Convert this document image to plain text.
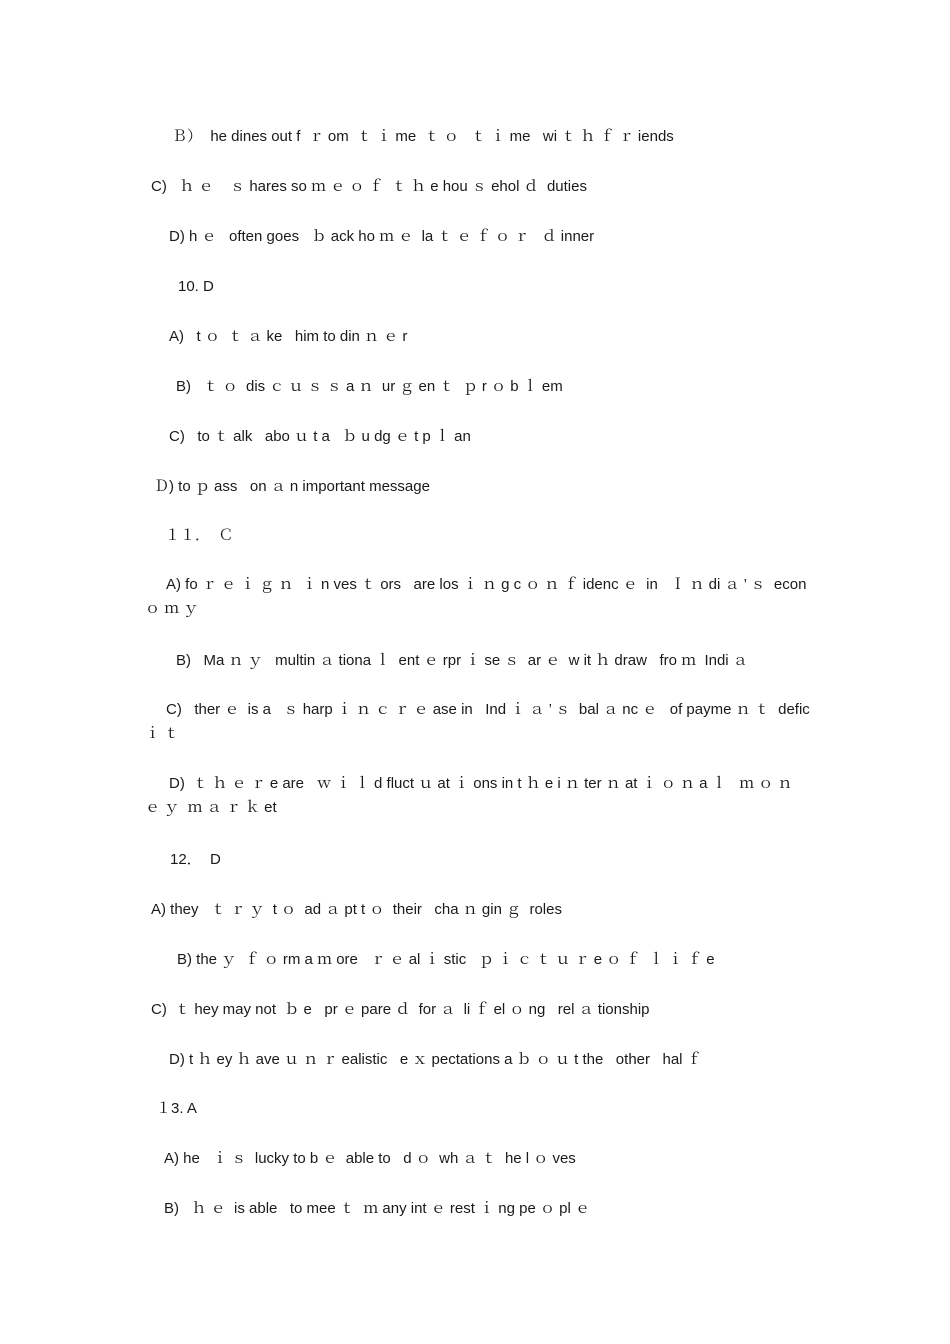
Ｂ）  he dines out f  ｒ om  ｔ ｉ me  ｔ ｏ   ｔ ｉ me   wi ｔ ｈ ｆ ｒ iends
C)   ｈ ｅ    ｓ hares so ｍ ｅ ｏ ｆ  ｔ ｈ e hou ｓ ehol ｄ  duties
D) h ｅ   often goes   ｂ ack ho ｍ ｅ  la ｔ ｅ ｆ ｏ ｒ   ｄ inner
10. D
A)   t ｏ  ｔ ａ ke   him to din ｎ ｅ r
B)   ｔ ｏ  dis ｃ ｕ ｓ ｓ a ｎ  ur ｇ en ｔ  ｐ r ｏ b ｌ em
C)   to ｔ alk   abo ｕ t a   ｂ u dg ｅ t p ｌ an
Ｄ) to ｐ ass   on ａ n important message
１１．  Ｃ
A) fo ｒ ｅ ｉ ｇ ｎ  ｉ n ves ｔ ors   are los ｉ ｎ g c ｏ ｎ ｆ idenc ｅ  in   Ｉ ｎ di ａ ’ ｓ  econ ｏ ｍ ｙ
B)   Ma ｎ ｙ   multin ａ tiona ｌ  ent ｅ rpr ｉ se ｓ  ar ｅ  w it ｈ draw   fro ｍ  Indi ａ
C)   ther ｅ  is a   ｓ harp ｉ ｎ ｃ ｒ ｅ ase in   Ind ｉ ａ ’ ｓ  bal ａ nc ｅ   of payme ｎ ｔ  defic ｉ ｔ
D)  ｔ ｈ ｅ ｒ e are   ｗ ｉ ｌ d fluct ｕ at ｉ ons in t ｈ e i ｎ ter ｎ at ｉ ｏ ｎ a ｌ   ｍ ｏ ｎ ｅ ｙ  ｍ ａ ｒ ｋ et
12．  D
A) they   ｔ ｒ ｙ  t ｏ  ad ａ pt t ｏ  their   cha ｎ gin ｇ  roles
B) the ｙ  ｆ ｏ rm a ｍ ore   ｒ ｅ al ｉ stic   ｐ ｉ ｃ ｔ ｕ ｒ e ｏ ｆ  ｌ ｉ ｆ e
C)  ｔ hey may not  ｂ e   pr ｅ pare ｄ  for ａ  li ｆ el ｏ ng   rel ａ tionship
D) t ｈ ey ｈ ave ｕ ｎ ｒ ealistic   e ｘ pectations a ｂ ｏ ｕ t the   other   hal ｆ
１3. A
A) he   ｉ ｓ  lucky to b ｅ  able to   d ｏ  wh ａ ｔ  he l ｏ ves
B)   ｈ ｅ  is able   to mee ｔ  ｍ any int ｅ rest ｉ ng pe ｏ pl ｅ
